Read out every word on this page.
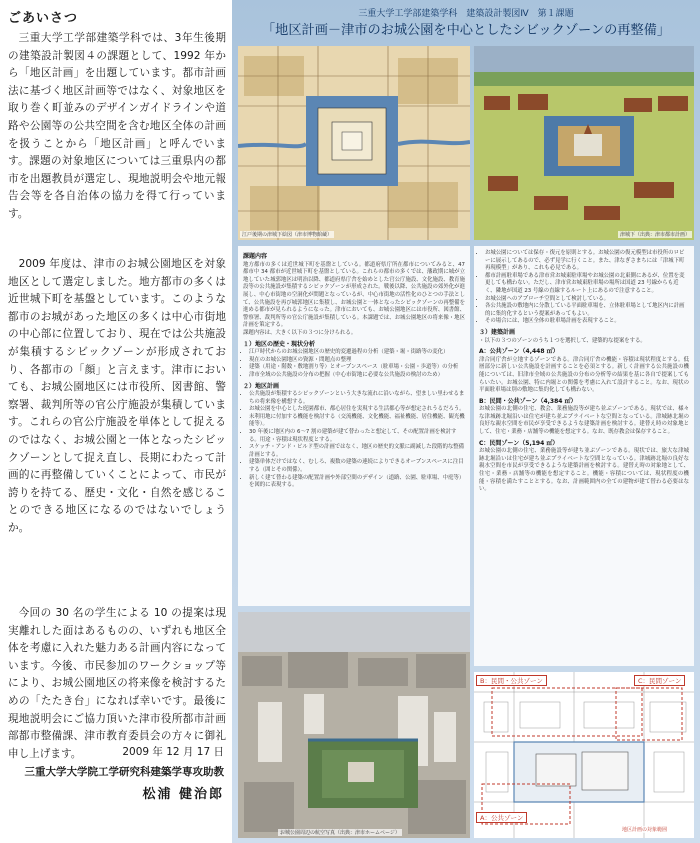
ごあいさつ

三重大学工学部建築学科では、3年生後期の建築設計製図４の課題として、1992 年から「地区計画」を出題しています。都市計画法に基づく地区計画等ではなく、対象地区を取り巻く町並みのデザインガイドラインや道路や公園等の公共空間を含む地区全体の計画を扱うことから「地区計画」と呼んでいます。課題の対象地区については三重県内の都市を出題教員が選定し、現地説明会や地元報告会等を各自治体の協力を得て行っています。

2009 年度は、津市のお城公園地区を対象地区として選定しました。地方都市の多くは近世城下町を基盤としています。このような都市のお城があった地区の多くは中心市街地の中心部に位置しており、現在では公共施設が集積するシビックゾーンが形成されており、各都市の「顔」と言えます。津市においても、お城公園地区には市役所、図書館、警察署、裁判所等の官公庁施設が集積しています。これらの官公庁施設を単体として捉えるのではなく、お城公園と一体となったシビックゾーンとして捉え直し、長期にわたって計画的に再整備していくことによって、市民が誇りを持てる、歴史・文化・自然を感じることのできる地区になるのではないでしょうか。

今回の 30 名の学生による 10 の提案は現実離れした面はあるものの、いずれも地区全体を考慮に入れた魅力ある計画内容になっています。今後、市民参加のワークショップ等により、お城公園地区の将来像を検討するための「たたき台」になれば幸いです。最後に現地説明会にご協力頂いた津市役所都市計画部都市整備課、津市教育委員会の方々に御礼申し上げます。	2009 年 12 月 17 日
三重大学大学院工学研究科建築学専攻助教
松浦 健治郎
三重大学工学部建築学科　建築設計製図Ⅳ　第１課題
「地区計画－津市のお城公園を中心としたシビックゾーンの再整備」
江戸後期の津城下絵図（津市博物館蔵）	津城下（出典：津市都市計画）
課題内容

地方都市の多くは近世城下町を基盤としている。都道府県庁所在都市についてみると、47 都市中 34 都市が近世城下町を基盤としている。これらの都市の多くでは、藩政期に城が立地していた城郭地区は明治以降、都道府県庁舎を始めとした官公庁施設、文化施設、教育施設等の公共施設が集積するシビックゾーンが形成された。戦後以降、公共施設の郊外化が進展し、中心市街地の空洞化が問題となっているが、中心市街地の活性化のひとつの手法として、公共施設を再び城郭地区に集積し、お城公園と一体となったシビックゾーンの再整備を進める都市が見られるようになった。津市においても、お城公園地区には市役所、図書館、警察署、裁判所等の官公庁施設が集積している。本課題では、お城公園地区の将来像・地区計画を策定する。

課題内容は、大きく以下の３つに分けられる。

１）地区の歴史・現状分析
• 江戸時代からのお城公園地区の歴史的変遷過程の分析（建築・堀・街路等の変化）
• 現在のお城公園地区の資源・問題点の整理
• 建築（用途・階数・敷地割り等）とオープンスペース（駐車場・公園・歩道等）の分析
• 津市全域の公共施設の分布の把握（中心市街地に必要な公共施設の検討のため）
２）地区計画
• 公共施設が集積するシビックゾーンという大きな流れに沿いながら、望ましい里わせるまちの将来像を構想する。
• お城公園を中心とした庭園都市、都心居住を実現する生活都心等が想定されうるだろう。
• 未利用地に付加する機能を検討する（交流機能、文化機能、福祉機能、居住機能、観光機能等）。
• 30 年後に地区内の 6～7 割の建築が建て替わったと想定して、その配置計画を検討する。用途・容積は現状程度とする。
• スケッチ・アンド・ビルド型の計画ではなく、地区の歴史的文脈に副減した段階的な整備計画とする。
• 建築単体だけではなく、むしろ、複数の建築の連続によりできるオープンスペースに注目する（囲とその関係）。
• 新しく建て替わる建築の配置計画や外部空間のデザイン（道路、公園、駐車場、中庭等）を図的に表現する。
• お城公園については保存・復元を原則とする。お城公園の復元模型は市役所のロビーに展示してあるので、必ず見学に行くこと。また、津なぎさまちには「津城下町再現模型」があり、これも必見である。
• 都市計画駐車場である津市営お城東駐車場やお城公園の北東側にあるが、位置を変更しても構わない。ただし、津市営お城東駐車場の場所は国道 23 号線からも近く、隣地が国道 23 号線の直線するルート上にあるので注意すること。
• お城公園へのアプローチ空間として検討している。
• 各公共施設の敷地内に分散している平面駐車場を、立体駐車場として地区内に計画的に集約化するという提案があってもよい。
• その場合には、地区全体の駐車場計画を表現すること。
３）建築計画

・以下の３つのゾーンのうち１つを選択して、建築的な提案をする。

A：公共ゾーン（4,448 ㎡）

津合同庁舎が立地するゾーンである。津合同庁舎の機能・容積は現状程度とする。低層部分に新しい公共施設を計画することを必須とする。新しく計画する公共施設の機能については、旧津市全域の公共施設の分布の分析等の結果を基に各自で提案してもらいたい。お城公園、特に内堀との関係を考慮に入れて設計すること。なお、現状の平面駐車場は別の敷地に集約化しても構わない。

B：民間・公共ゾーン（4,384 ㎡）

お城公園の北側の住宅、教会、業務施設等が建ち並ぶゾーンである。現状では、様々な津城跡北堀沿いは住宅が建ち並ぶプライベートな空間となっている。津城跡北堀の良好な親水空間を市民が享受できるような建築計画を検討する。建替え時の対象地として、住宅・業務・店舗等の機能を想定する。なお、既存教会は保存すること。

C：民間ゾーン（5,194 ㎡）

お城公園の北側の住宅、業務施設等が建ち並ぶゾーンである。現状では、旅大な津城跡北堀沿いは住宅が建ち並ぶプライベートな空間となっている。津城跡北堀の良好な親水空間を市民が享受できるような建築計画を検討する。建替え時の対象地として、住宅・業務・店舗等の機能を想定すること。機能・容積については、現状程度の機能・容積を満たすこととする。なお、計画範囲内の全ての建物が建て替わる必要はない。

お城公園周辺の航空写真（出典：津市ホームページ）
B：民間・公共ゾーン	C：民間ゾーン
A：公共ゾーン
地区計画の対象範囲
